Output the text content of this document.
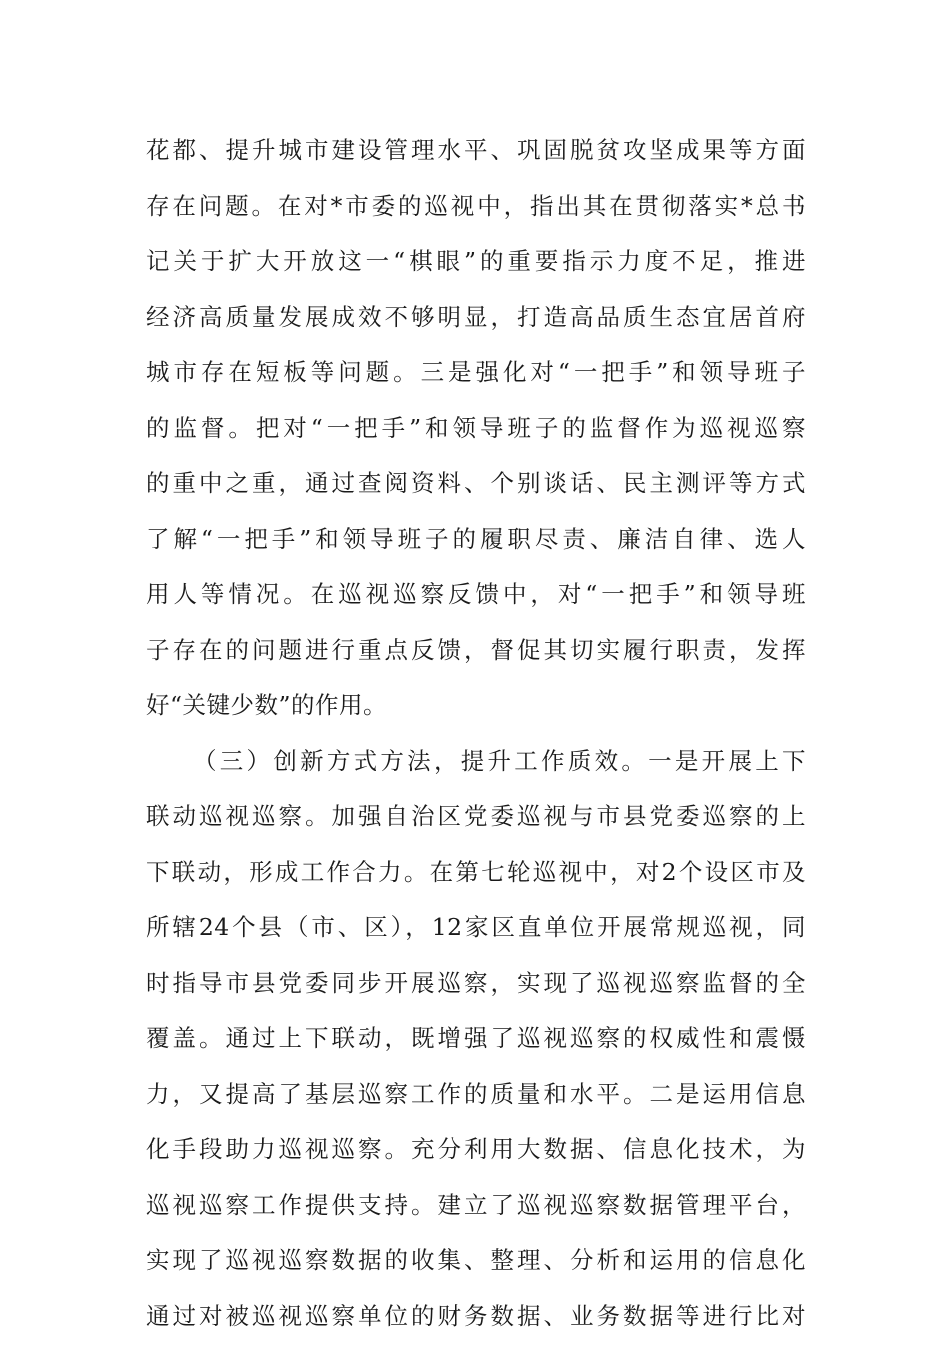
花都、提升城市建设管理水平、巩固脱贫攻坚成果等方面
存在问题。在对*市委的巡视中，指出其在贯彻落实*总书
记关于扩大开放这一“棋眼”的重要指示力度不足，推进
经济高质量发展成效不够明显，打造高品质生态宜居首府
城市存在短板等问题。三是强化对“一把手”和领导班子
的监督。把对“一把手”和领导班子的监督作为巡视巡察
的重中之重，通过查阅资料、个别谈话、民主测评等方式
了解“一把手”和领导班子的履职尽责、廉洁自律、选人
用人等情况。在巡视巡察反馈中，对“一把手”和领导班
子存在的问题进行重点反馈，督促其切实履行职责，发挥
好“关键少数”的作用。
（三）创新方式方法，提升工作质效。一是开展上下
联动巡视巡察。加强自治区党委巡视与市县党委巡察的上
下联动，形成工作合力。在第七轮巡视中，对2个设区市及
所辖24个县（市、区），12家区直单位开展常规巡视，同
时指导市县党委同步开展巡察，实现了巡视巡察监督的全
覆盖。通过上下联动，既增强了巡视巡察的权威性和震慑
力，又提高了基层巡察工作的质量和水平。二是运用信息
化手段助力巡视巡察。充分利用大数据、信息化技术，为
巡视巡察工作提供支持。建立了巡视巡察数据管理平台，
实现了巡视巡察数据的收集、整理、分析和运用的信息化
通过对被巡视巡察单位的财务数据、业务数据等进行比对
